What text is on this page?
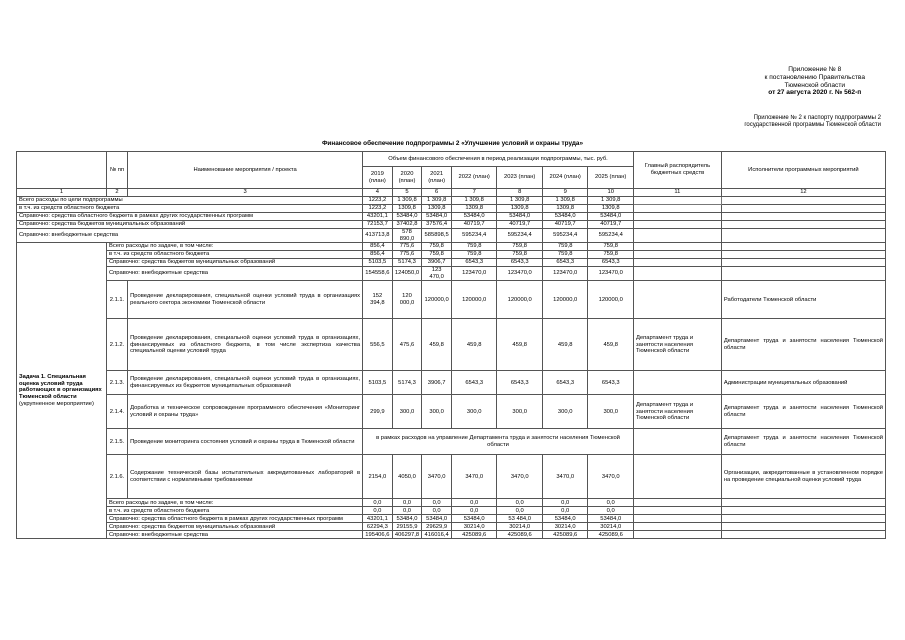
Приложение № 8
к постановлению Правительства
Тюменской области
от 27 августа 2020 г. № 562-п
Приложение № 2 к паспорту подпрограммы 2
государственной программы Тюменской области
Финансовое обеспечение подпрограммы 2 «Улучшение условий и охраны труда»
	№ пп	Наименование мероприятия / проекта	Объем финансового обеспечения в период реализации подпрограммы, тыс. руб.							Главный распорядитель бюджетных средств	Исполнители программных мероприятий
			2019 (план)	2020 (план)	2021 (план)	2022 (план)	2023 (план)	2024 (план)	2025 (план)		
1	2	3	4	5	6	7	8	9	10	11	12
Всего расходы по цели подпрограммы			1223,2	1 309,8	1 309,8	1 309,8	1 309,8	1 309,8	1 309,8		
в т.ч. из средств областного бюджета			1223,2	1309,8	1309,8	1309,8	1309,8	1309,8	1309,8		
Справочно: средства областного бюджета в рамках других государственных программ			43201,1	53484,0	53484,0	53484,0	53484,0	53484,0	53484,0		
Справочно: средства бюджетов муниципальных образований			72153,7	37402,8	37576,4	40719,7	40719,7	40719,7	40719,7		
Справочно: внебюджетные средства			413713,8	578 890,0	585898,5	595234,4	595234,4	595234,4	595234,4		
Задача 1. Специальная оценка условий труда работающих в организациях Тюменской области (укрупненное мероприятие)	Всего расходы по задаче, в том числе:		856,4	775,6	759,8	759,8	759,8	759,8	759,8		
	в т.ч. из средств областного бюджета		856,4	775,6	759,8	759,8	759,8	759,8	759,8		
	Справочно: средства бюджетов муниципальных образований		5103,5	5174,3	3906,7	6543,3	6543,3	6543,3	6543,3		
	Справочно: внебюджетные средства		154558,6	124050,0	123 470,0	123470,0	123470,0	123470,0	123470,0		
	2.1.1.	Проведение декларирования, специальной оценки условий труда в организациях реального сектора экономики Тюменской области	152 394,8	120 000,0	120000,0	120000,0	120000,0	120000,0	120000,0		Работодатели Тюменской области
	2.1.2.	Проведение декларирования, специальной оценки условий труда в организациях, финансируемых из областного бюджета, в том числе экспертиза качества специальной оценки условий труда	556,5	475,6	459,8	459,8	459,8	459,8	459,8	Департамент труда и занятости населения Тюменской области	Департамент труда и занятости населения Тюменской области
	2.1.3.	Проведение декларирования, специальной оценки условий труда в организациях, финансируемых из бюджетов муниципальных образований	5103,5	5174,3	3906,7	6543,3	6543,3	6543,3	6543,3		Администрации муниципальных образований
	2.1.4.	Доработка и техническое сопровождение программного обеспечения «Мониторинг условий и охраны труда»	299,9	300,0	300,0	300,0	300,0	300,0	300,0	Департамент труда и занятости населения Тюменской области	Департамент труда и занятости населения Тюменской области
	2.1.5.	Проведение мониторинга состояния условий и охраны труда в Тюменской области	в рамках расходов на управление Департамента труда и занятости населения Тюменской области								Департамент труда и занятости населения Тюменской области
	2.1.6.	Содержание технической базы испытательных аккредитованных лабораторий в соответствии с нормативными требованиями	2154,0	4050,0	3470,0	3470,0	3470,0	3470,0	3470,0		Организации, аккредитованные в установленном порядке на проведение специальной оценки условий труда
	Всего расходы по задаче, в том числе:		0,0	0,0	0,0	0,0	0,0	0,0	0,0		
	в т.ч. из средств областного бюджета		0,0	0,0	0,0	0,0	0,0	0,0	0,0		
	Справочно: средства областного бюджета в рамках других государственных программ		43201,1	53484,0	53484,0	53484,0	53 484,0	53484,0	53484,0		
	Справочно: средства бюджетов муниципальных образований		62294,3	29155,9	29629,9	30214,0	30214,0	30214,0	30214,0		
	Справочно: внебюджетные средства		195406,6	406297,8	416016,4	425089,6	425089,6	425089,6	425089,6		
